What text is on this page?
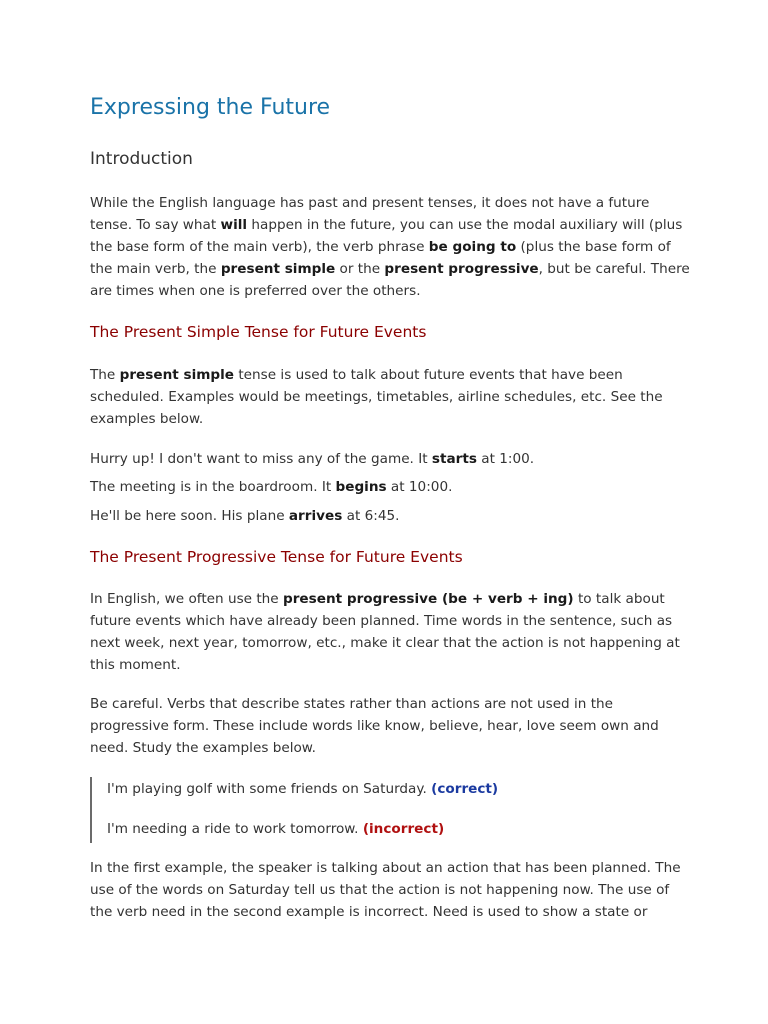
Expressing the Future
Introduction

While the English language has past and present tenses, it does not have a future tense. To say what will happen in the future, you can use the modal auxiliary will (plus the base form of the main verb), the verb phrase be going to (plus the base form of the main verb, the present simple or the present progressive, but be careful. There are times when one is preferred over the others.

The Present Simple Tense for Future Events

The present simple tense is used to talk about future events that have been scheduled. Examples would be meetings, timetables, airline schedules, etc. See the examples below.

Hurry up! I don't want to miss any of the game. It starts at 1:00.

The meeting is in the boardroom. It begins at 10:00.

He'll be here soon. His plane arrives at 6:45.

The Present Progressive Tense for Future Events

In English, we often use the present progressive (be + verb + ing) to talk about future events which have already been planned. Time words in the sentence, such as next week, next year, tomorrow, etc., make it clear that the action is not happening at this moment.

Be careful. Verbs that describe states rather than actions are not used in the progressive form. These include words like know, believe, hear, love seem own and need. Study the examples below.

I'm playing golf with some friends on Saturday. (correct)

I'm needing a ride to work tomorrow. (incorrect)

In the first example, the speaker is talking about an action that has been planned. The use of the words on Saturday tell us that the action is not happening now. The use of the verb need in the second example is incorrect. Need is used to show a state or
